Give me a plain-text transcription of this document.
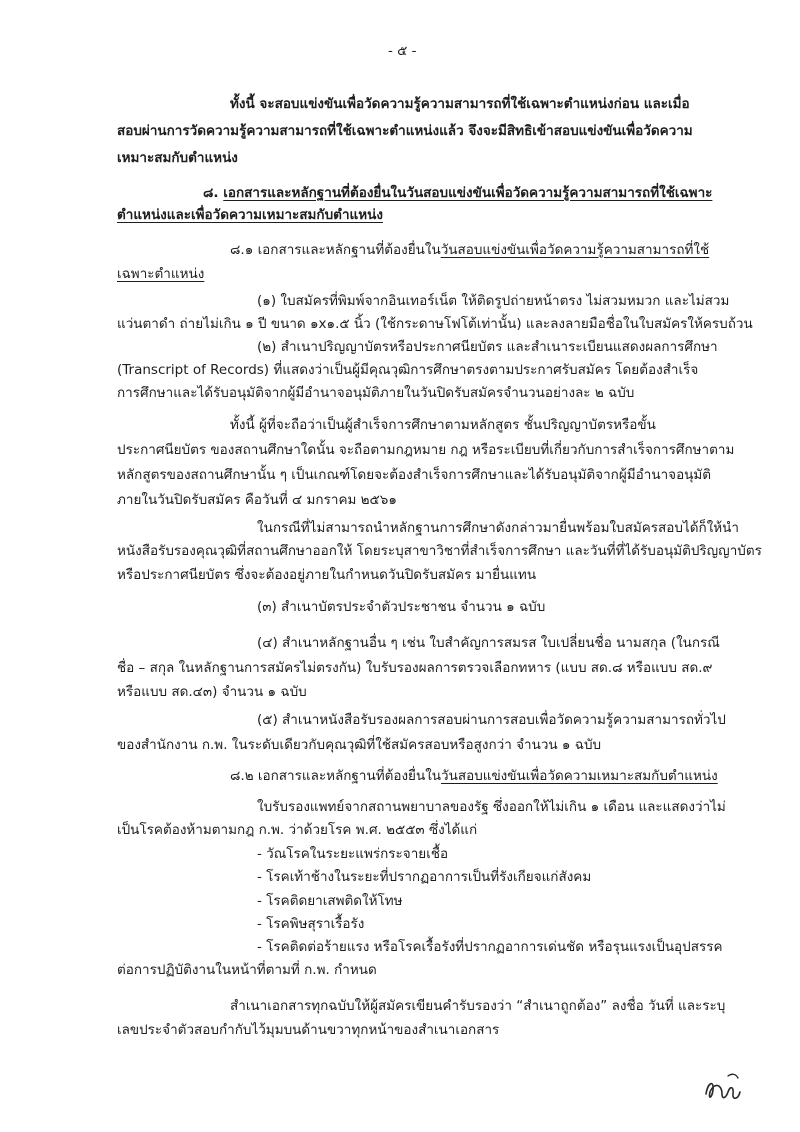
- ๕ -
ทั้งนี้ จะสอบแข่งขันเพื่อวัดความรู้ความสามารถที่ใช้เฉพาะตำแหน่งก่อน และเมื่อ
สอบผ่านการวัดความรู้ความสามารถที่ใช้เฉพาะตำแหน่งแล้ว จึงจะมีสิทธิเข้าสอบแข่งขันเพื่อวัดความ
เหมาะสมกับตำแหน่ง
๘. เอกสารและหลักฐานที่ต้องยื่นในวันสอบแข่งขันเพื่อวัดความรู้ความสามารถที่ใช้เฉพาะ
ตำแหน่งและเพื่อวัดความเหมาะสมกับตำแหน่ง
๘.๑ เอกสารและหลักฐานที่ต้องยื่นในวันสอบแข่งขันเพื่อวัดความรู้ความสามารถที่ใช้
เฉพาะตำแหน่ง
(๑) ใบสมัครที่พิมพ์จากอินเทอร์เน็ต ให้ติดรูปถ่ายหน้าตรง ไม่สวมหมวก และไม่สวม
แว่นตาดำ ถ่ายไม่เกิน ๑ ปี ขนาด ๑x๑.๕ นิ้ว (ใช้กระดาษโฟโต้เท่านั้น) และลงลายมือชื่อในใบสมัครให้ครบถ้วน
(๒) สำเนาปริญญาบัตรหรือประกาศนียบัตร และสำเนาระเบียนแสดงผลการศึกษา
(Transcript of Records) ที่แสดงว่าเป็นผู้มีคุณวุฒิการศึกษาตรงตามประกาศรับสมัคร โดยต้องสำเร็จ
การศึกษาและได้รับอนุมัติจากผู้มีอำนาจอนุมัติภายในวันปิดรับสมัครจำนวนอย่างละ ๒ ฉบับ
ทั้งนี้ ผู้ที่จะถือว่าเป็นผู้สำเร็จการศึกษาตามหลักสูตร ชั้นปริญญาบัตรหรือขั้น
ประกาศนียบัตร ของสถานศึกษาใดนั้น จะถือตามกฎหมาย กฎ หรือระเบียบที่เกี่ยวกับการสำเร็จการศึกษาตาม
หลักสูตรของสถานศึกษานั้น ๆ เป็นเกณฑ์โดยจะต้องสำเร็จการศึกษาและได้รับอนุมัติจากผู้มีอำนาจอนุมัติ
ภายในวันปิดรับสมัคร คือวันที่ ๔ มกราคม ๒๕๖๑
ในกรณีที่ไม่สามารถนำหลักฐานการศึกษาดังกล่าวมายื่นพร้อมใบสมัครสอบได้ก็ให้นำ
หนังสือรับรองคุณวุฒิที่สถานศึกษาออกให้ โดยระบุสาขาวิชาที่สำเร็จการศึกษา และวันที่ที่ได้รับอนุมัติปริญญาบัตร
หรือประกาศนียบัตร ซึ่งจะต้องอยู่ภายในกำหนดวันปิดรับสมัคร มายื่นแทน
(๓) สำเนาบัตรประจำตัวประชาชน จำนวน ๑ ฉบับ
(๔) สำเนาหลักฐานอื่น ๆ เช่น ใบสำคัญการสมรส ใบเปลี่ยนชื่อ นามสกุล (ในกรณี
ชื่อ – สกุล ในหลักฐานการสมัครไม่ตรงกัน) ใบรับรองผลการตรวจเลือกทหาร (แบบ สด.๘ หรือแบบ สด.๙
หรือแบบ สด.๔๓) จำนวน ๑ ฉบับ
(๕) สำเนาหนังสือรับรองผลการสอบผ่านการสอบเพื่อวัดความรู้ความสามารถทั่วไป
ของสำนักงาน ก.พ. ในระดับเดียวกับคุณวุฒิที่ใช้สมัครสอบหรือสูงกว่า จำนวน ๑ ฉบับ
๘.๒ เอกสารและหลักฐานที่ต้องยื่นในวันสอบแข่งขันเพื่อวัดความเหมาะสมกับตำแหน่ง
ใบรับรองแพทย์จากสถานพยาบาลของรัฐ ซึ่งออกให้ไม่เกิน ๑ เดือน และแสดงว่าไม่
เป็นโรคต้องห้ามตามกฎ ก.พ. ว่าด้วยโรค พ.ศ. ๒๕๕๓ ซึ่งได้แก่
- วัณโรคในระยะแพร่กระจายเชื้อ
- โรคเท้าช้างในระยะที่ปรากฏอาการเป็นที่รังเกียจแก่สังคม
- โรคติดยาเสพติดให้โทษ
- โรคพิษสุราเรื้อรัง
- โรคติดต่อร้ายแรง หรือโรคเรื้อรังที่ปรากฏอาการเด่นชัด หรือรุนแรงเป็นอุปสรรค
ต่อการปฏิบัติงานในหน้าที่ตามที่ ก.พ. กำหนด
สำเนาเอกสารทุกฉบับให้ผู้สมัครเขียนคำรับรองว่า “สำเนาถูกต้อง” ลงชื่อ วันที่ และระบุ
เลขประจำตัวสอบกำกับไว้มุมบนด้านขวาทุกหน้าของสำเนาเอกสาร
